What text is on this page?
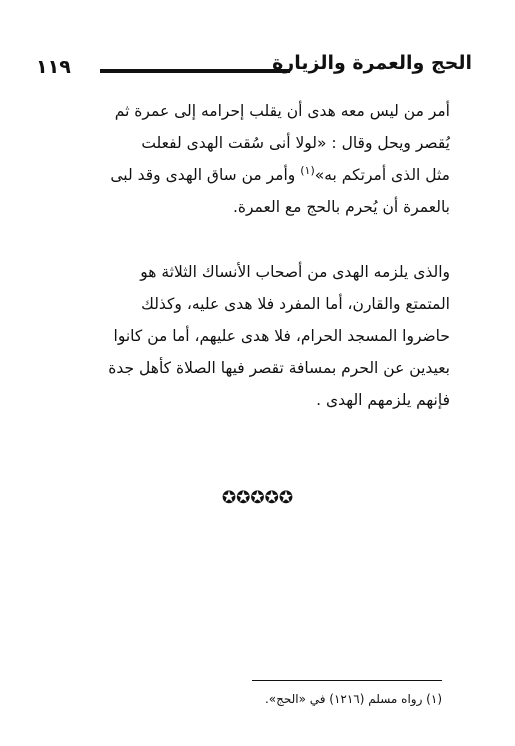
١١٩	الحج والعمرة والزيارة
أمر من ليس معه هدى أن يقلب إحرامه إلى عمرة ثم
يُقصر ويحل وقال : «لولا أنى سُقت الهدى لفعلت
مثل الذى أمرتكم به»$^{(١)}$ وأمر من ساق الهدى وقد لبى
بالعمرة أن يُحرم بالحج مع العمرة.
والذى يلزمه الهدى من أصحاب الأنساك الثلاثة هو
المتمتع والقارن، أما المفرد فلا هدى عليه، وكذلك
حاضروا المسجد الحرام، فلا هدى عليهم، أما من كانوا
بعيدين عن الحرم بمسافة تقصر فيها الصلاة كأهل جدة
فإنهم يلزمهم الهدى .
✪✪✪✪✪
(١) رواه مسلم (١٢١٦) في «الحج».
